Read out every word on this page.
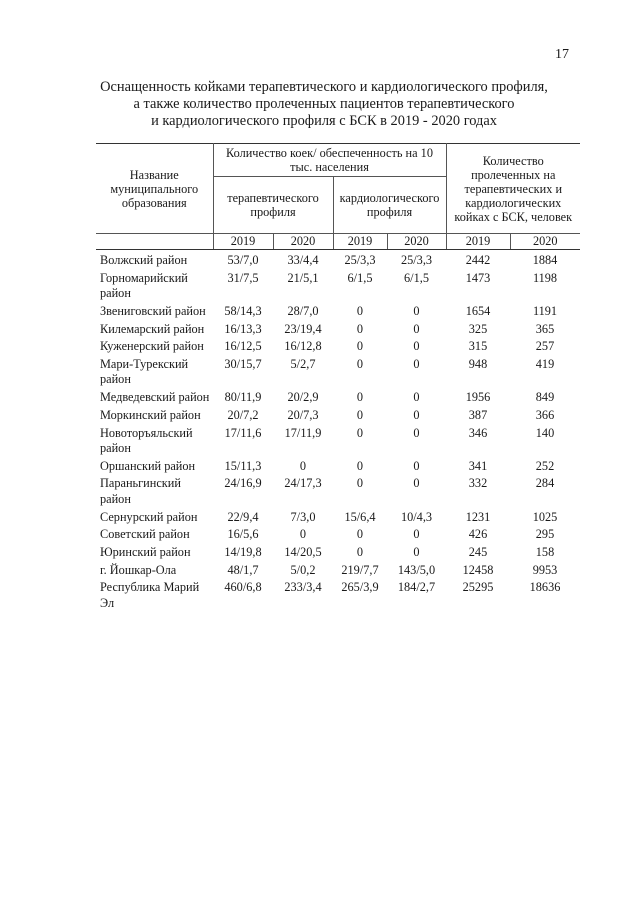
17
Оснащенность койками терапевтического и кардиологического профиля,
а также количество пролеченных пациентов терапевтического
и кардиологического профиля с БСК в 2019 - 2020 годах
Название муниципального образования	Количество коек/ обеспеченность на 10 тыс. населения				Количество пролеченных на терапевтических и кардиологических койках с БСК, человек	
	терапевтического профиля		кардиологического профиля			
	2019	2020	2019	2020	2019	2020
Волжский район	53/7,0	33/4,4	25/3,3	25/3,3	2442	1884
Горномарийский район	31/7,5	21/5,1	6/1,5	6/1,5	1473	1198
Звениговский район	58/14,3	28/7,0	0	0	1654	1191
Килемарский район	16/13,3	23/19,4	0	0	325	365
Куженерский район	16/12,5	16/12,8	0	0	315	257
Мари-Турекский район	30/15,7	5/2,7	0	0	948	419
Медведевский район	80/11,9	20/2,9	0	0	1956	849
Моркинский район	20/7,2	20/7,3	0	0	387	366
Новоторъяльский район	17/11,6	17/11,9	0	0	346	140
Оршанский район	15/11,3	0	0	0	341	252
Параньгинский район	24/16,9	24/17,3	0	0	332	284
Сернурский район	22/9,4	7/3,0	15/6,4	10/4,3	1231	1025
Советский район	16/5,6	0	0	0	426	295
Юринский район	14/19,8	14/20,5	0	0	245	158
г. Йошкар-Ола	48/1,7	5/0,2	219/7,7	143/5,0	12458	9953
Республика Марий Эл	460/6,8	233/3,4	265/3,9	184/2,7	25295	18636
